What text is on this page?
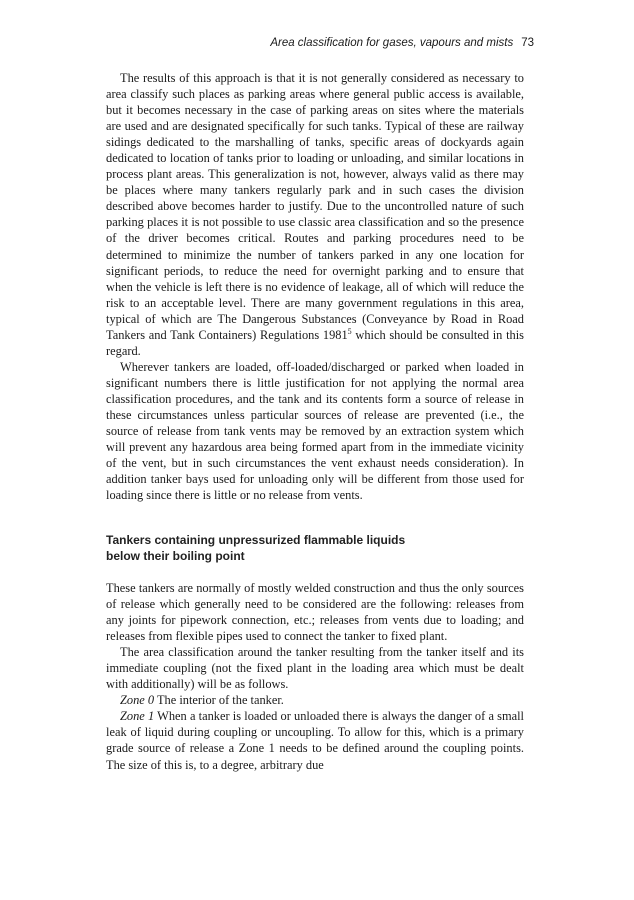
Area classification for gases, vapours and mists 73

The results of this approach is that it is not generally considered as necessary to area classify such places as parking areas where general public access is available, but it becomes necessary in the case of parking areas on sites where the materials are used and are designated specifically for such tanks. Typical of these are railway sidings dedicated to the marshalling of tanks, specific areas of dockyards again dedicated to location of tanks prior to loading or unloading, and similar locations in process plant areas. This generalization is not, however, always valid as there may be places where many tankers regularly park and in such cases the division described above becomes harder to justify. Due to the uncontrolled nature of such parking places it is not possible to use classic area classification and so the presence of the driver becomes critical. Routes and parking procedures need to be determined to minimize the number of tankers parked in any one location for significant periods, to reduce the need for overnight parking and to ensure that when the vehicle is left there is no evidence of leakage, all of which will reduce the risk to an acceptable level. There are many government regulations in this area, typical of which are The Dangerous Substances (Conveyance by Road in Road Tankers and Tank Containers) Regulations 1981$^5$ which should be consulted in this regard.

Wherever tankers are loaded, off-loaded/discharged or parked when loaded in significant numbers there is little justification for not applying the normal area classification procedures, and the tank and its contents form a source of release in these circumstances unless particular sources of release are prevented (i.e., the source of release from tank vents may be removed by an extraction system which will prevent any hazardous area being formed apart from in the immediate vicinity of the vent, but in such circumstances the vent exhaust needs consideration). In addition tanker bays used for unloading only will be different from those used for loading since there is little or no release from vents.

Tankers containing unpressurized flammable liquids
below their boiling point

These tankers are normally of mostly welded construction and thus the only sources of release which generally need to be considered are the following: releases from any joints for pipework connection, etc.; releases from vents due to loading; and releases from flexible pipes used to connect the tanker to fixed plant.

The area classification around the tanker resulting from the tanker itself and its immediate coupling (not the fixed plant in the loading area which must be dealt with additionally) will be as follows.

Zone 0 The interior of the tanker.

Zone 1 When a tanker is loaded or unloaded there is always the danger of a small leak of liquid during coupling or uncoupling. To allow for this, which is a primary grade source of release a Zone 1 needs to be defined around the coupling points. The size of this is, to a degree, arbitrary due
